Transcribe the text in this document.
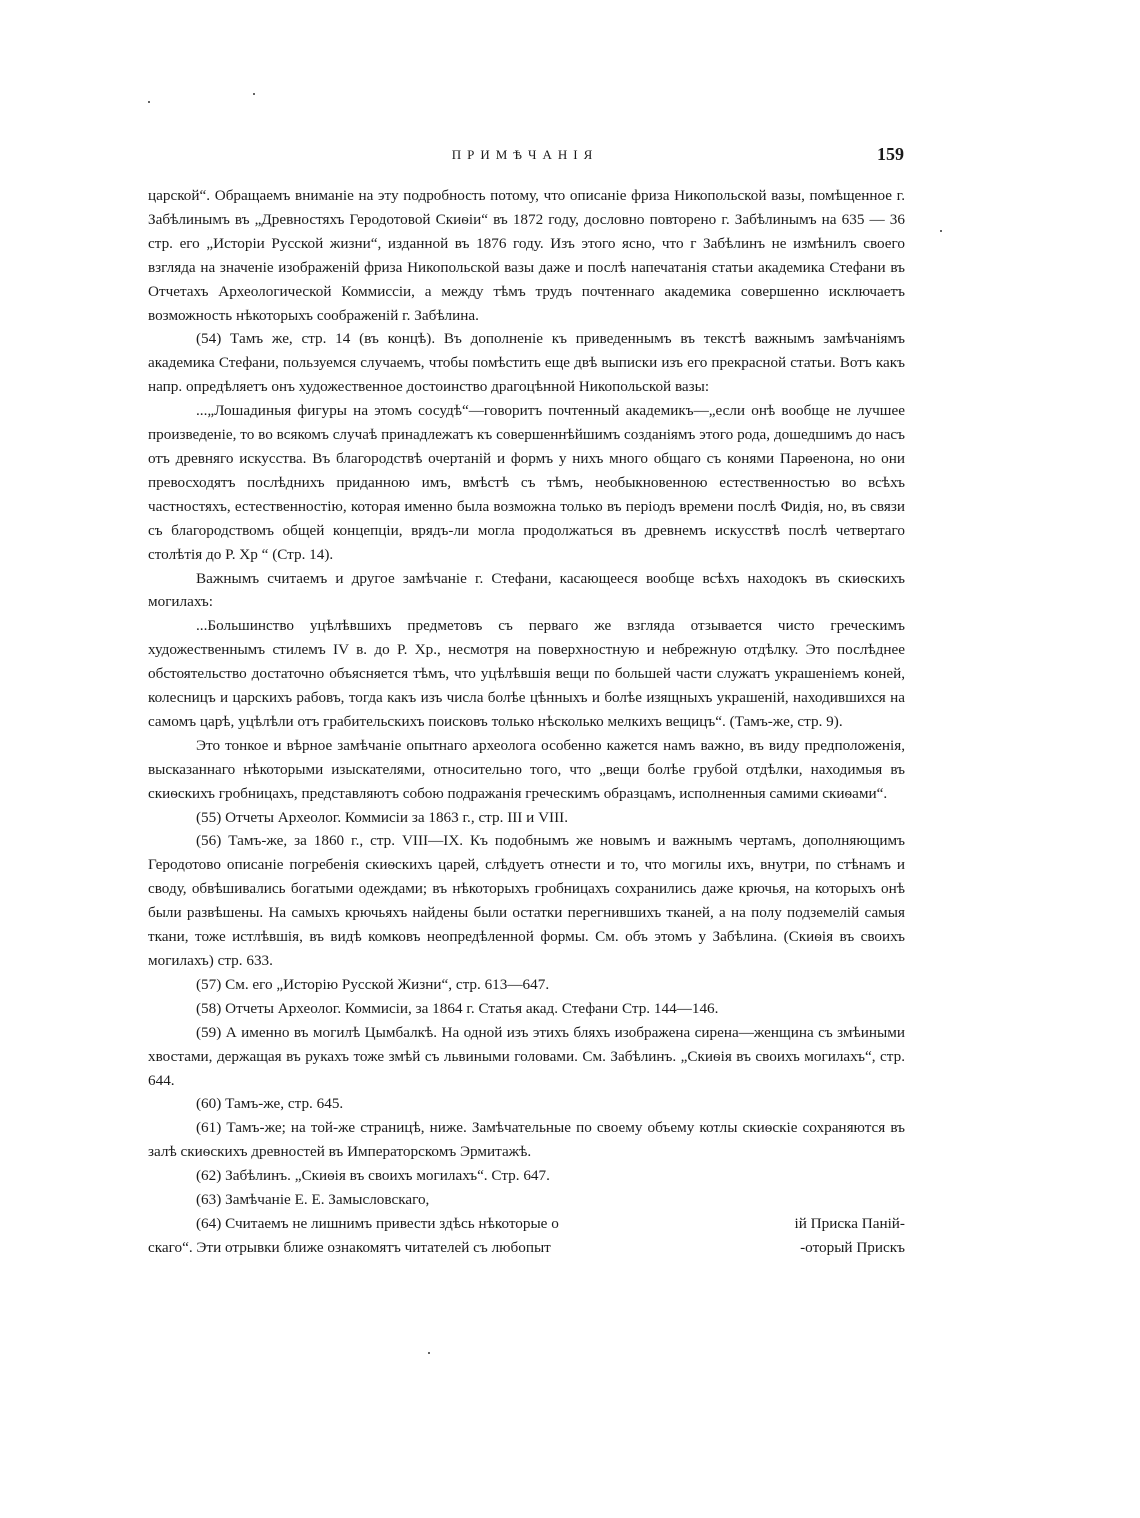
ПРИМѢЧАНІЯ	159

царской“. Обращаемъ вниманіе на эту подробность потому, что описаніе фриза Никопольской вазы, помѣщенное г. Забѣлинымъ въ „Древностяхъ Геродотовой Скиѳіи“ въ 1872 году, дословно повторено г. Забѣлинымъ на 635 — 36 стр. его „Исторіи Русской жизни“, изданной въ 1876 году. Изъ этого ясно, что г Забѣлинъ не измѣнилъ своего взгляда на значеніе изображеній фриза Никопольской вазы даже и послѣ напечатанія статьи академика Стефани въ Отчетахъ Археологической Коммиссіи, а между тѣмъ трудъ почтеннаго академика совершенно исключаетъ возможность нѣкоторыхъ соображеній г. Забѣлина.

(54) Тамъ же, стр. 14 (въ концѣ). Въ дополненіе къ приведеннымъ въ текстѣ важнымъ замѣчаніямъ академика Стефани, пользуемся случаемъ, чтобы помѣстить еще двѣ выписки изъ его прекрасной статьи. Вотъ какъ напр. опредѣляетъ онъ художественное достоинство драгоцѣнной Никопольской вазы:

...„Лошадиныя фигуры на этомъ сосудѣ“—говоритъ почтенный академикъ—„если онѣ вообще не лучшее произведеніе, то во всякомъ случаѣ принадлежатъ къ совершеннѣйшимъ созданіямъ этого рода, дошедшимъ до насъ отъ древняго искусства. Въ благородствѣ очертаній и формъ у нихъ много общаго съ конями Парѳенона, но они превосходятъ послѣднихъ приданною имъ, вмѣстѣ съ тѣмъ, необыкновенною естественностью во всѣхъ частностяхъ, естественностію, которая именно была возможна только въ періодъ времени послѣ Фидія, но, въ связи съ благородствомъ общей концепціи, врядъ-ли могла продолжаться въ древнемъ искусствѣ послѣ четвертаго столѣтія до Р. Хр “ (Стр. 14).

Важнымъ считаемъ и другое замѣчаніе г. Стефани, касающееся вообще всѣхъ находокъ въ скиѳскихъ могилахъ:

...Большинство уцѣлѣвшихъ предметовъ съ перваго же взгляда отзывается чисто греческимъ художественнымъ стилемъ IV в. до Р. Хр., несмотря на поверхностную и небрежную отдѣлку. Это послѣднее обстоятельство достаточно объясняется тѣмъ, что уцѣлѣвшія вещи по большей части служатъ украшеніемъ коней, колесницъ и царскихъ рабовъ, тогда какъ изъ числа болѣе цѣнныхъ и болѣе изящныхъ украшеній, находившихся на самомъ царѣ, уцѣлѣли отъ грабительскихъ поисковъ только нѣсколько мелкихъ вещицъ“. (Тамъ-же, стр. 9).

Это тонкое и вѣрное замѣчаніе опытнаго археолога особенно кажется намъ важно, въ виду предположенія, высказаннаго нѣкоторыми изыскателями, относительно того, что „вещи болѣе грубой отдѣлки, находимыя въ скиѳскихъ гробницахъ, представляютъ собою подражанія греческимъ образцамъ, исполненныя самими скиѳами“.

(55) Отчеты Археолог. Коммисіи за 1863 г., стр. III и VIII.

(56) Тамъ-же, за 1860 г., стр. VIII—IX. Къ подобнымъ же новымъ и важнымъ чертамъ, дополняющимъ Геродотово описаніе погребенія скиѳскихъ царей, слѣдуетъ отнести и то, что могилы ихъ, внутри, по стѣнамъ и своду, обвѣшивались богатыми одеждами; въ нѣкоторыхъ гробницахъ сохранились даже крючья, на которыхъ онѣ были развѣшены. На самыхъ крючьяхъ найдены были остатки перегнившихъ тканей, а на полу подземелій самыя ткани, тоже истлѣвшія, въ видѣ комковъ неопредѣленной формы. См. объ этомъ у Забѣлина. (Скиѳія въ своихъ могилахъ) стр. 633.

(57) См. его „Исторію Русской Жизни“, стр. 613—647.

(58) Отчеты Археолог. Коммисіи, за 1864 г. Статья акад. Стефани Стр. 144—146.

(59) А именно въ могилѣ Цымбалкѣ. На одной изъ этихъ бляхъ изображена сирена—женщина съ змѣиными хвостами, держащая въ рукахъ тоже змѣй съ львиными головами. См. Забѣлинъ. „Скиѳія въ своихъ могилахъ“, стр. 644.

(60) Тамъ-же, стр. 645.

(61) Тамъ-же; на той-же страницѣ, ниже. Замѣчательные по своему объему котлы скиѳскіе сохраняются въ залѣ скиѳскихъ древностей въ Императорскомъ Эрмитажѣ.

(62) Забѣлинъ. „Скиѳія въ своихъ могилахъ“. Стр. 647.

(63) Замѣчаніе Е. Е. Замысловскаго,

(64) Считаемъ не лишнимъ привести здѣсь нѣкоторые о	ій Приска Паній-
скаго“. Эти отрывки ближе ознакомятъ читателей съ любопыт	-оторый Прискъ
